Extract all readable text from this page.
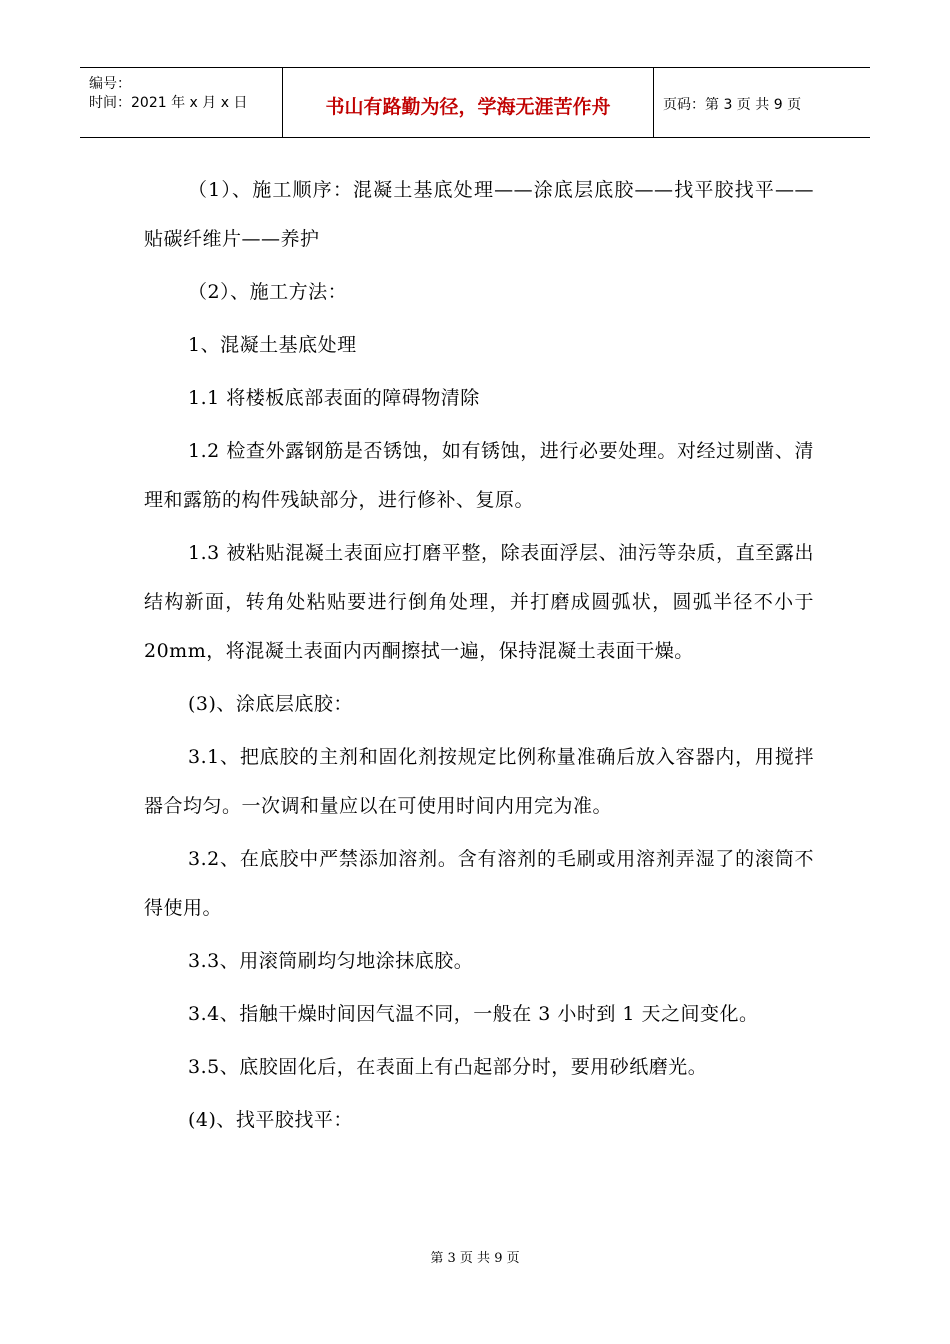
编号：
时间：2021 年 x 月 x 日	书山有路勤为径，学海无涯苦作舟	页码：第 3 页 共 9 页

（1）、施工顺序：混凝土基底处理——涂底层底胶——找平胶找平——贴碳纤维片——养护

（2）、施工方法：

1、混凝土基底处理

1.1 将楼板底部表面的障碍物清除

1.2 检查外露钢筋是否锈蚀，如有锈蚀，进行必要处理。对经过剔凿、清理和露筋的构件残缺部分，进行修补、复原。

1.3 被粘贴混凝土表面应打磨平整，除表面浮层、油污等杂质，直至露出结构新面，转角处粘贴要进行倒角处理，并打磨成圆弧状，圆弧半径不小于 20mm，将混凝土表面内丙酮擦拭一遍，保持混凝土表面干燥。

(3)、涂底层底胶：

3.1、把底胶的主剂和固化剂按规定比例称量准确后放入容器内，用搅拌器合均匀。一次调和量应以在可使用时间内用完为准。

3.2、在底胶中严禁添加溶剂。含有溶剂的毛刷或用溶剂弄湿了的滚筒不得使用。

3.3、用滚筒刷均匀地涂抹底胶。

3.4、指触干燥时间因气温不同，一般在 3 小时到 1 天之间变化。

3.5、底胶固化后，在表面上有凸起部分时，要用砂纸磨光。

(4)、找平胶找平：

第 3 页 共 9 页
